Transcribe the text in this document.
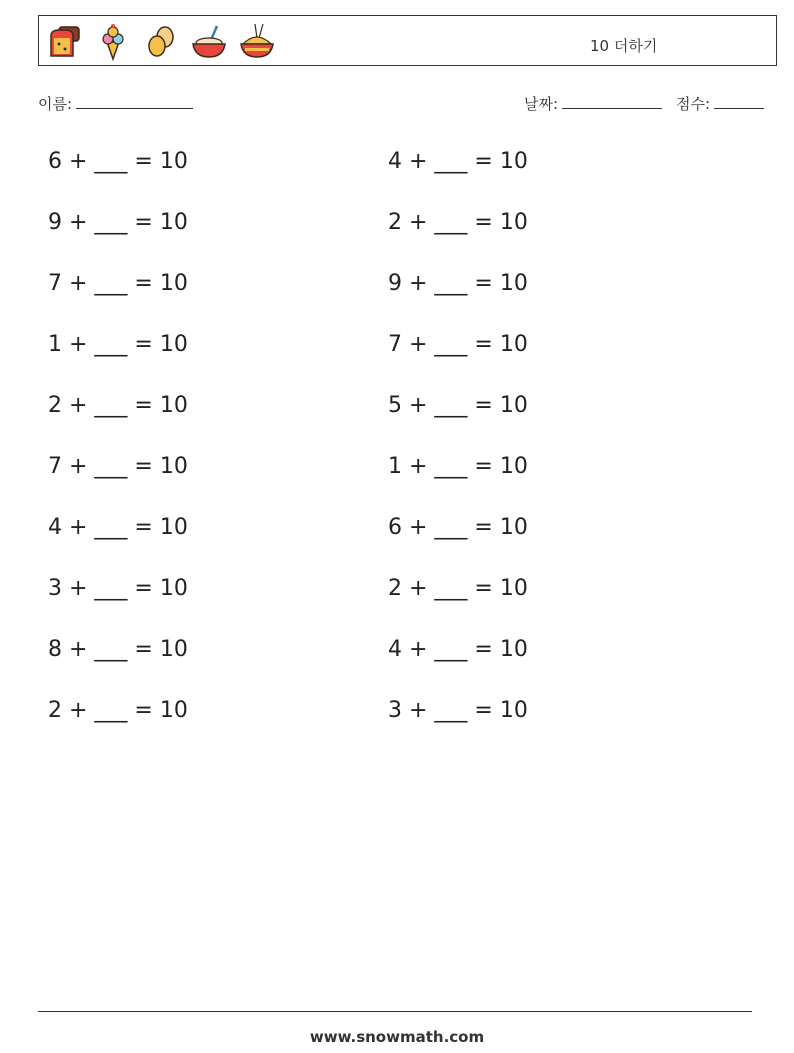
10 더하기
이름:	날짜:	점수:
6 + ___ = 10
9 + ___ = 10
7 + ___ = 10
1 + ___ = 10
2 + ___ = 10
7 + ___ = 10
4 + ___ = 10
3 + ___ = 10
8 + ___ = 10
2 + ___ = 10
4 + ___ = 10
2 + ___ = 10
9 + ___ = 10
7 + ___ = 10
5 + ___ = 10
1 + ___ = 10
6 + ___ = 10
2 + ___ = 10
4 + ___ = 10
3 + ___ = 10
www.snowmath.com
